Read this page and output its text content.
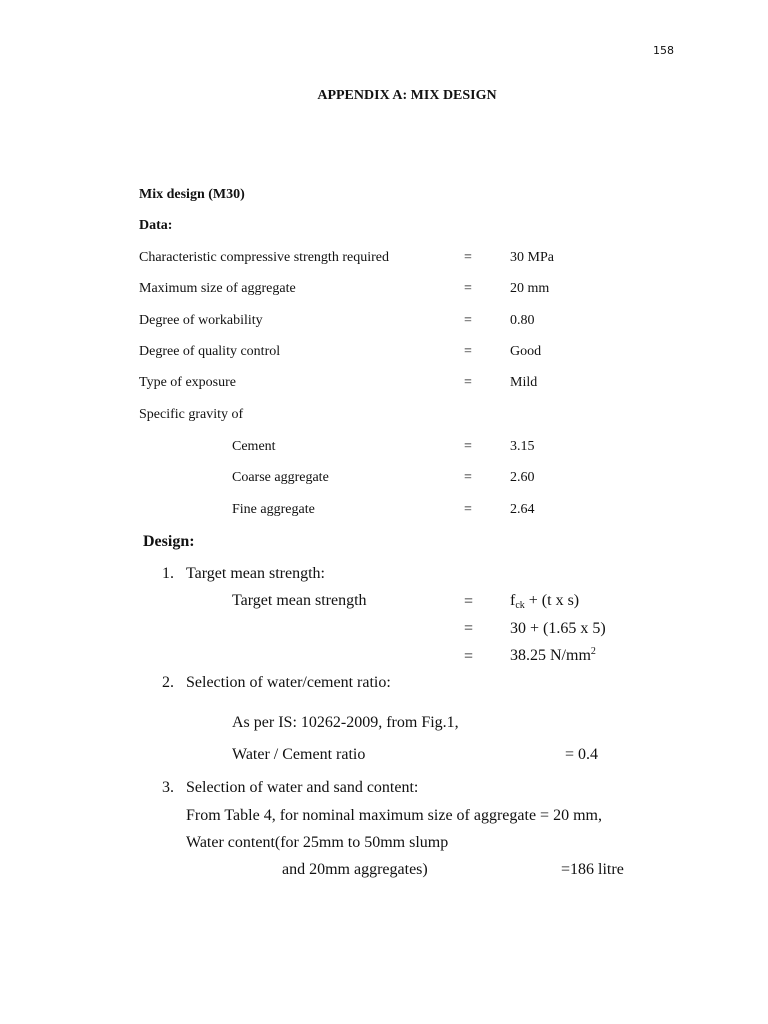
158
APPENDIX A: MIX DESIGN
Mix design (M30)
Data:
Characteristic compressive strength required	=	30 MPa
Maximum size of aggregate	=	20 mm
Degree of workability	=	0.80
Degree of quality control	=	Good
Type of exposure	=	Mild
Specific gravity of
Cement	=	3.15
Coarse aggregate	=	2.60
Fine aggregate	=	2.64
Design:
1. Target mean strength:
Target mean strength	= $f_{ck} + (t$ x s)
= 30 + (1.65 x 5)
= 38.25 $N/mm^2$
2. Selection of water/cement ratio:
As per IS: 10262-2009, from Fig.1,
Water / Cement ratio	= 0.4
3. Selection of water and sand content:
From Table 4, for nominal maximum size of aggregate = 20 mm,
Water content(for 25mm to 50mm slump
and 20mm aggregates)	=186 litre
